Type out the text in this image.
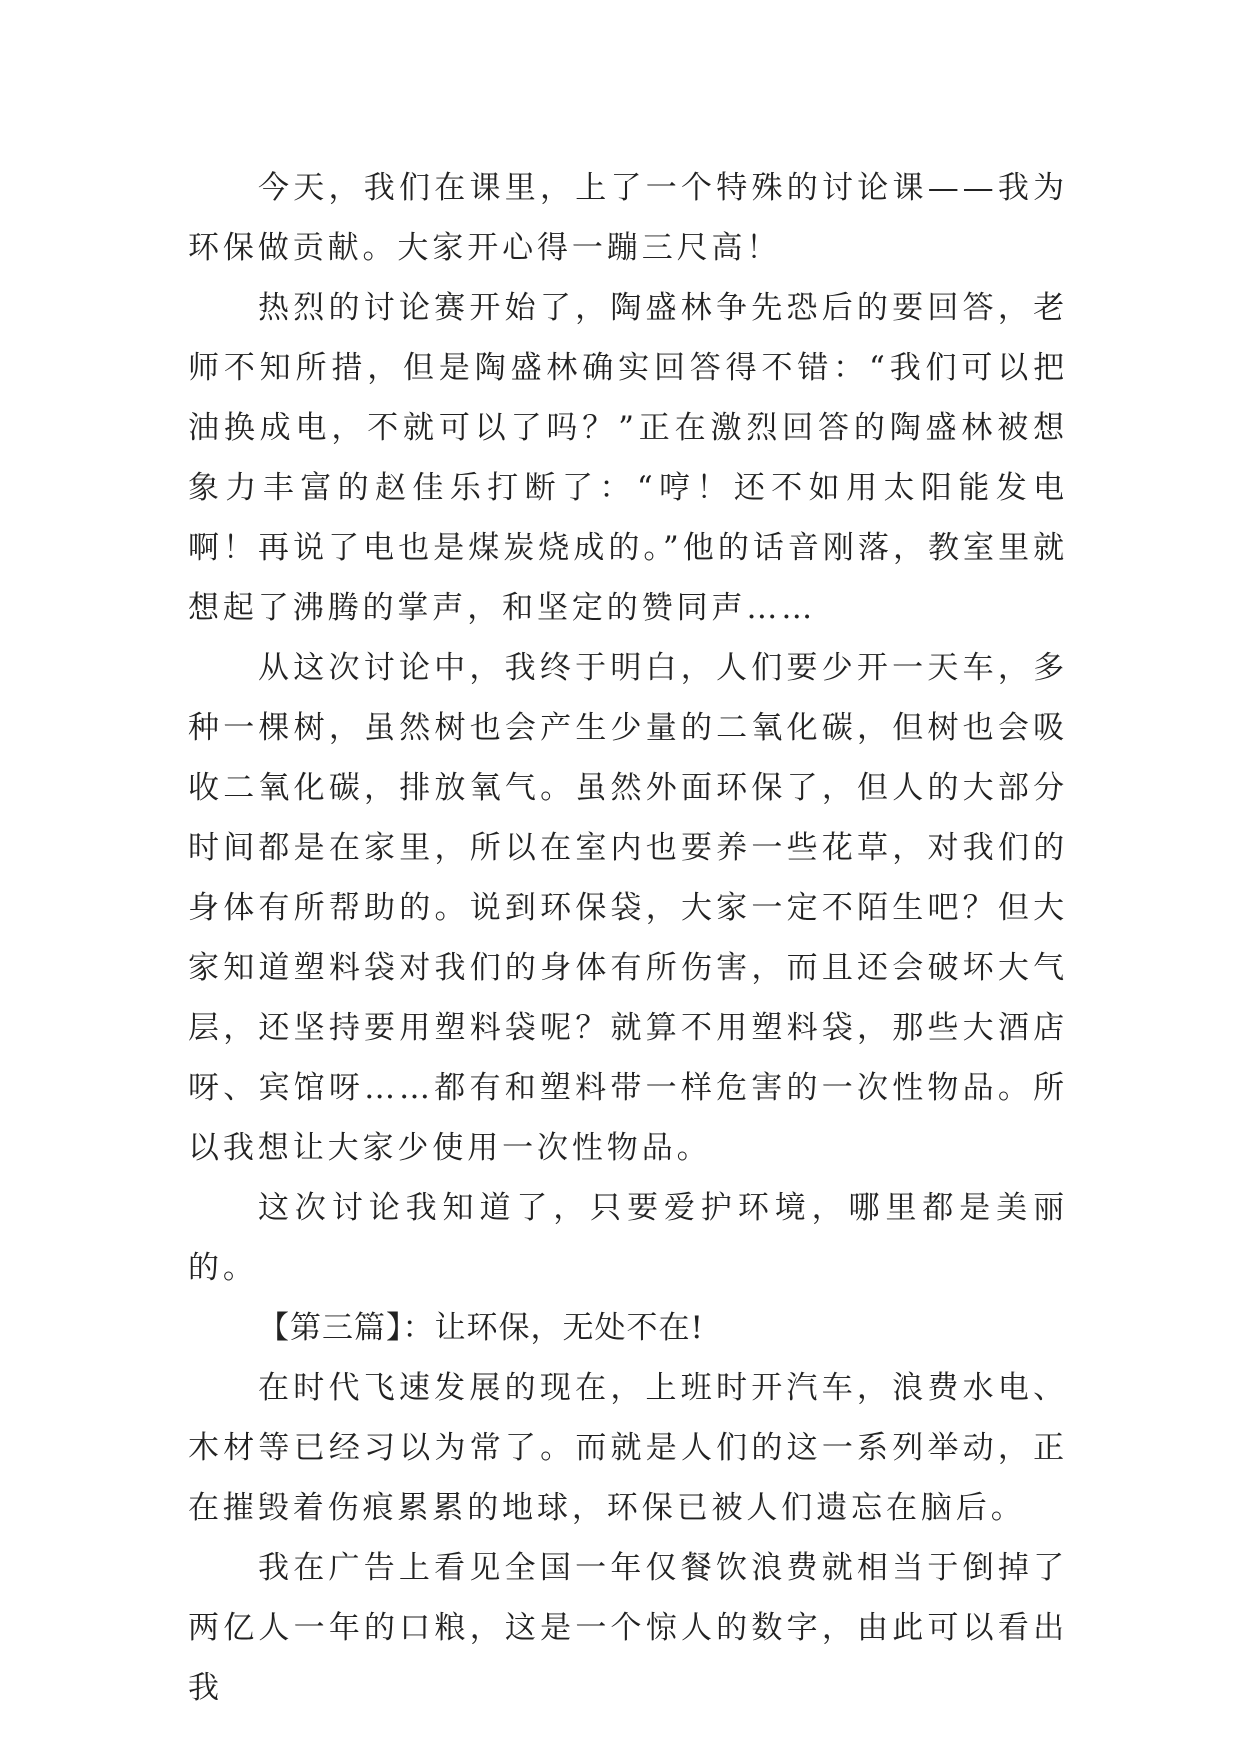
今天，我们在课里，上了一个特殊的讨论课——我为环保做贡献。大家开心得一蹦三尺高！

热烈的讨论赛开始了，陶盛林争先恐后的要回答，老师不知所措，但是陶盛林确实回答得不错：“我们可以把油换成电，不就可以了吗？”正在激烈回答的陶盛林被想象力丰富的赵佳乐打断了：“哼！还不如用太阳能发电啊！再说了电也是煤炭烧成的。”他的话音刚落，教室里就想起了沸腾的掌声，和坚定的赞同声……

从这次讨论中，我终于明白，人们要少开一天车，多种一棵树，虽然树也会产生少量的二氧化碳，但树也会吸收二氧化碳，排放氧气。虽然外面环保了，但人的大部分时间都是在家里，所以在室内也要养一些花草，对我们的身体有所帮助的。说到环保袋，大家一定不陌生吧？但大家知道塑料袋对我们的身体有所伤害，而且还会破坏大气层，还坚持要用塑料袋呢？就算不用塑料袋，那些大酒店呀、宾馆呀……都有和塑料带一样危害的一次性物品。所以我想让大家少使用一次性物品。

这次讨论我知道了，只要爱护环境，哪里都是美丽的。

【第三篇】：让环保，无处不在!

在时代飞速发展的现在，上班时开汽车，浪费水电、木材等已经习以为常了。而就是人们的这一系列举动，正在摧毁着伤痕累累的地球，环保已被人们遗忘在脑后。

我在广告上看见全国一年仅餐饮浪费就相当于倒掉了两亿人一年的口粮，这是一个惊人的数字，由此可以看出我
